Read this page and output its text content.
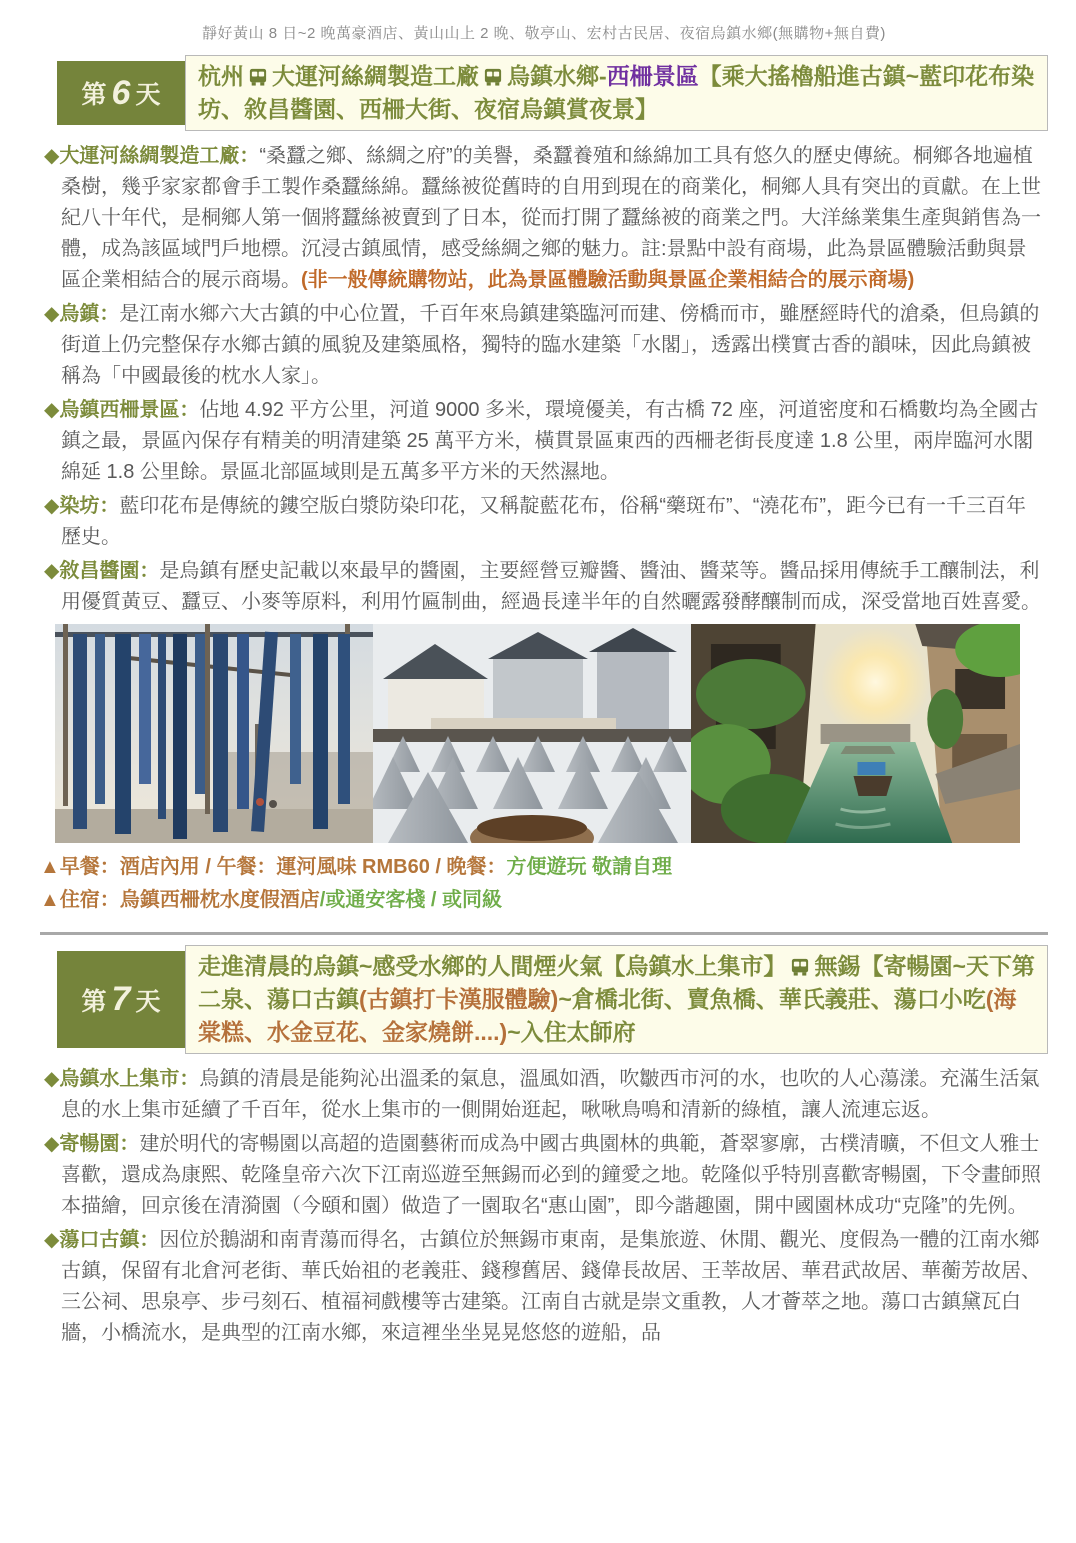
靜好黃山 8 日~2 晚萬豪酒店、黃山山上 2 晚、敬亭山、宏村古民居、夜宿烏鎮水鄉(無購物+無自費)
第 6 天
杭州 大運河絲綢製造工廠 烏鎮水鄉-西柵景區【乘大搖櫓船進古鎮~藍印花布染坊、敘昌醬園、西柵大街、夜宿烏鎮賞夜景】
◆大運河絲綢製造工廠：“桑蠶之鄉、絲綢之府”的美譽，桑蠶養殖和絲綿加工具有悠久的歷史傳統。桐鄉各地遍植桑樹，幾乎家家都會手工製作桑蠶絲綿。蠶絲被從舊時的自用到現在的商業化，桐鄉人具有突出的貢獻。在上世紀八十年代，是桐鄉人第一個將蠶絲被賣到了日本，從而打開了蠶絲被的商業之門。大洋絲業集生產與銷售為一體，成為該區域門戶地標。沉浸古鎮風情，感受絲綢之鄉的魅力。註:景點中設有商場，此為景區體驗活動與景區企業相結合的展示商場。(非一般傳統購物站，此為景區體驗活動與景區企業相結合的展示商場)
◆烏鎮：是江南水鄉六大古鎮的中心位置，千百年來烏鎮建築臨河而建、傍橋而市，雖歷經時代的滄桑，但烏鎮的街道上仍完整保存水鄉古鎮的風貌及建築風格，獨特的臨水建築「水閣」，透露出樸實古香的韻味，因此烏鎮被稱為「中國最後的枕水人家」。
◆烏鎮西柵景區：佔地 4.92 平方公里，河道 9000 多米，環境優美，有古橋 72 座，河道密度和石橋數均為全國古鎮之最，景區內保存有精美的明清建築 25 萬平方米，橫貫景區東西的西柵老街長度達 1.8 公里，兩岸臨河水閣綿延 1.8 公里餘。景區北部區域則是五萬多平方米的天然濕地。
◆染坊：藍印花布是傳統的鏤空版白漿防染印花，又稱靛藍花布，俗稱“藥斑布”、“澆花布”，距今已有一千三百年歷史。
◆敘昌醬園：是烏鎮有歷史記載以來最早的醬園，主要經營豆瓣醬、醬油、醬菜等。醬品採用傳統手工釀制法，利用優質黃豆、蠶豆、小麥等原料，利用竹匾制曲，經過長達半年的自然曬露發酵釀制而成，深受當地百姓喜愛。
▲早餐：酒店內用 / 午餐：運河風味 RMB60 / 晚餐：方便遊玩 敬請自理
▲住宿：烏鎮西柵枕水度假酒店/或通安客棧 / 或同級
第 7 天
走進清晨的烏鎮~感受水鄉的人間煙火氣【烏鎮水上集市】 無錫【寄暢園~天下第二泉、蕩口古鎮(古鎮打卡漢服體驗)~倉橋北街、賣魚橋、華氏義莊、蕩口小吃(海棠糕、水金豆花、金家燒餅....)~入住太師府
◆烏鎮水上集市：烏鎮的清晨是能夠沁出溫柔的氣息，溫風如酒，吹皺西市河的水，也吹的人心蕩漾。充滿生活氣息的水上集市延續了千百年，從水上集市的一側開始逛起，啾啾鳥鳴和清新的綠植，讓人流連忘返。
◆寄暢園：建於明代的寄暢園以高超的造園藝術而成為中國古典園林的典範，蒼翠寥廓，古樸清曠，不但文人雅士喜歡，還成為康熙、乾隆皇帝六次下江南巡遊至無錫而必到的鐘愛之地。乾隆似乎特別喜歡寄暢園，下令畫師照本描繪，回京後在清漪園（今頤和園）做造了一園取名“惠山園”，即今諧趣園，開中國園林成功“克隆”的先例。
◆蕩口古鎮：因位於鵝湖和南青蕩而得名，古鎮位於無錫市東南，是集旅遊、休閒、觀光、度假為一體的江南水鄉古鎮，保留有北倉河老街、華氏始祖的老義莊、錢穆舊居、錢偉長故居、王莘故居、華君武故居、華蘅芳故居、三公祠、思泉亭、步弓刻石、植福祠戲樓等古建築。江南自古就是崇文重教，人才薈萃之地。蕩口古鎮黛瓦白牆，小橋流水，是典型的江南水鄉，來這裡坐坐晃晃悠悠的遊船，品
